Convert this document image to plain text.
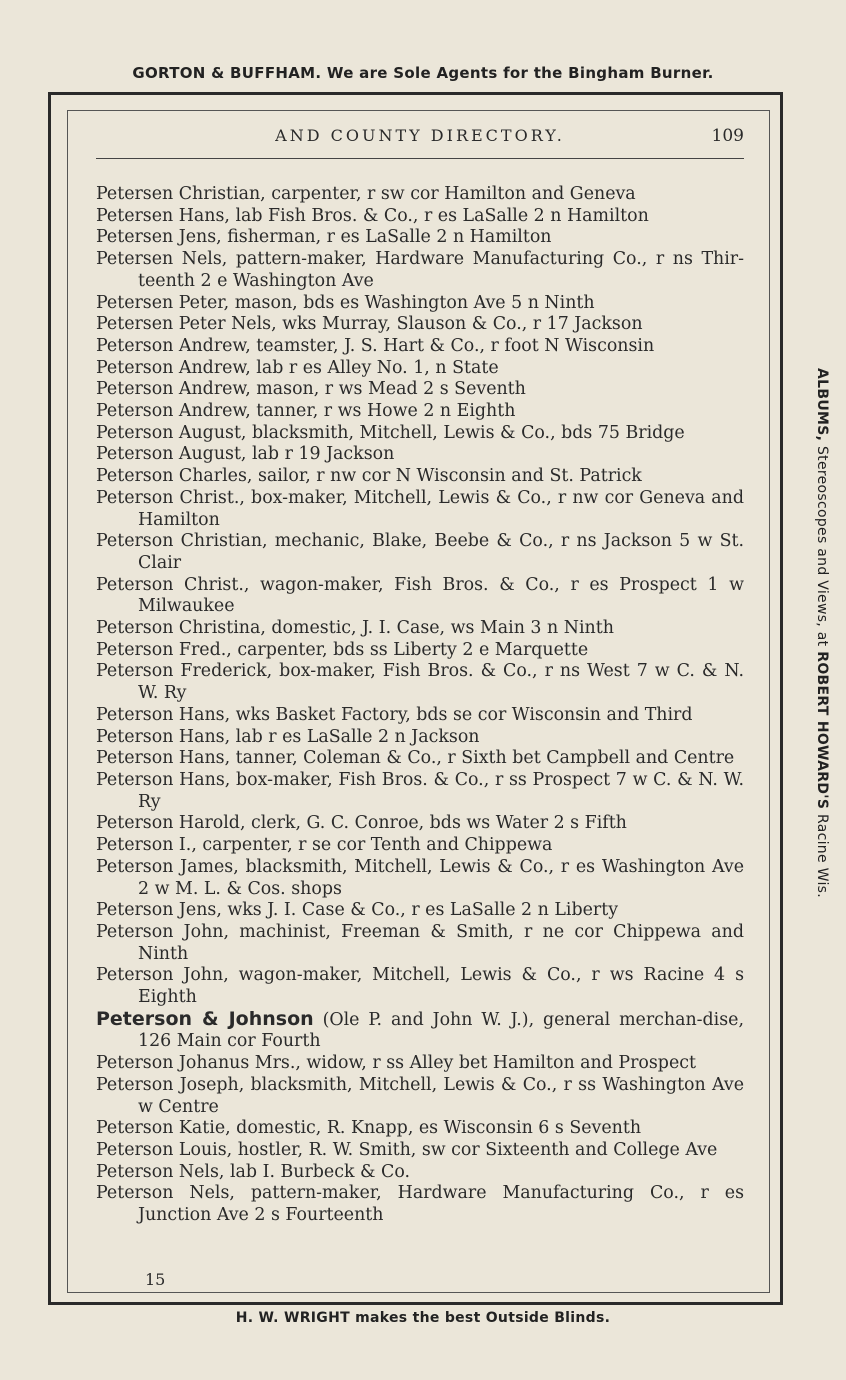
GORTON & BUFFHAM. We are Sole Agents for the Bingham Burner.
ALBUMS, Stereoscopes and Views, at ROBERT HOWARD'S Racine Wis.
AND COUNTY DIRECTORY.	109

Petersen Christian, carpenter, r sw cor Hamilton and Geneva

Petersen Hans, lab Fish Bros. & Co., r es LaSalle 2 n Hamilton

Petersen Jens, fisherman, r es LaSalle 2 n Hamilton

Petersen Nels, pattern-maker, Hardware Manufacturing Co., r ns Thir-teenth 2 e Washington Ave

Petersen Peter, mason, bds es Washington Ave 5 n Ninth

Petersen Peter Nels, wks Murray, Slauson & Co., r 17 Jackson

Peterson Andrew, teamster, J. S. Hart & Co., r foot N Wisconsin

Peterson Andrew, lab r es Alley No. 1, n State

Peterson Andrew, mason, r ws Mead 2 s Seventh

Peterson Andrew, tanner, r ws Howe 2 n Eighth

Peterson August, blacksmith, Mitchell, Lewis & Co., bds 75 Bridge

Peterson August, lab r 19 Jackson

Peterson Charles, sailor, r nw cor N Wisconsin and St. Patrick

Peterson Christ., box-maker, Mitchell, Lewis & Co., r nw cor Geneva and Hamilton

Peterson Christian, mechanic, Blake, Beebe & Co., r ns Jackson 5 w St. Clair

Peterson Christ., wagon-maker, Fish Bros. & Co., r es Prospect 1 w Milwaukee

Peterson Christina, domestic, J. I. Case, ws Main 3 n Ninth

Peterson Fred., carpenter, bds ss Liberty 2 e Marquette

Peterson Frederick, box-maker, Fish Bros. & Co., r ns West 7 w C. & N. W. Ry

Peterson Hans, wks Basket Factory, bds se cor Wisconsin and Third

Peterson Hans, lab r es LaSalle 2 n Jackson

Peterson Hans, tanner, Coleman & Co., r Sixth bet Campbell and Centre

Peterson Hans, box-maker, Fish Bros. & Co., r ss Prospect 7 w C. & N. W. Ry

Peterson Harold, clerk, G. C. Conroe, bds ws Water 2 s Fifth

Peterson I., carpenter, r se cor Tenth and Chippewa

Peterson James, blacksmith, Mitchell, Lewis & Co., r es Washington Ave 2 w M. L. & Cos. shops

Peterson Jens, wks J. I. Case & Co., r es LaSalle 2 n Liberty

Peterson John, machinist, Freeman & Smith, r ne cor Chippewa and Ninth

Peterson John, wagon-maker, Mitchell, Lewis & Co., r ws Racine 4 s Eighth

Peterson & Johnson (Ole P. and John W. J.), general merchan-dise, 126 Main cor Fourth

Peterson Johanus Mrs., widow, r ss Alley bet Hamilton and Prospect

Peterson Joseph, blacksmith, Mitchell, Lewis & Co., r ss Washington Ave w Centre

Peterson Katie, domestic, R. Knapp, es Wisconsin 6 s Seventh

Peterson Louis, hostler, R. W. Smith, sw cor Sixteenth and College Ave

Peterson Nels, lab I. Burbeck & Co.

Peterson Nels, pattern-maker, Hardware Manufacturing Co., r es Junction Ave 2 s Fourteenth

15
H. W. WRIGHT makes the best Outside Blinds.
